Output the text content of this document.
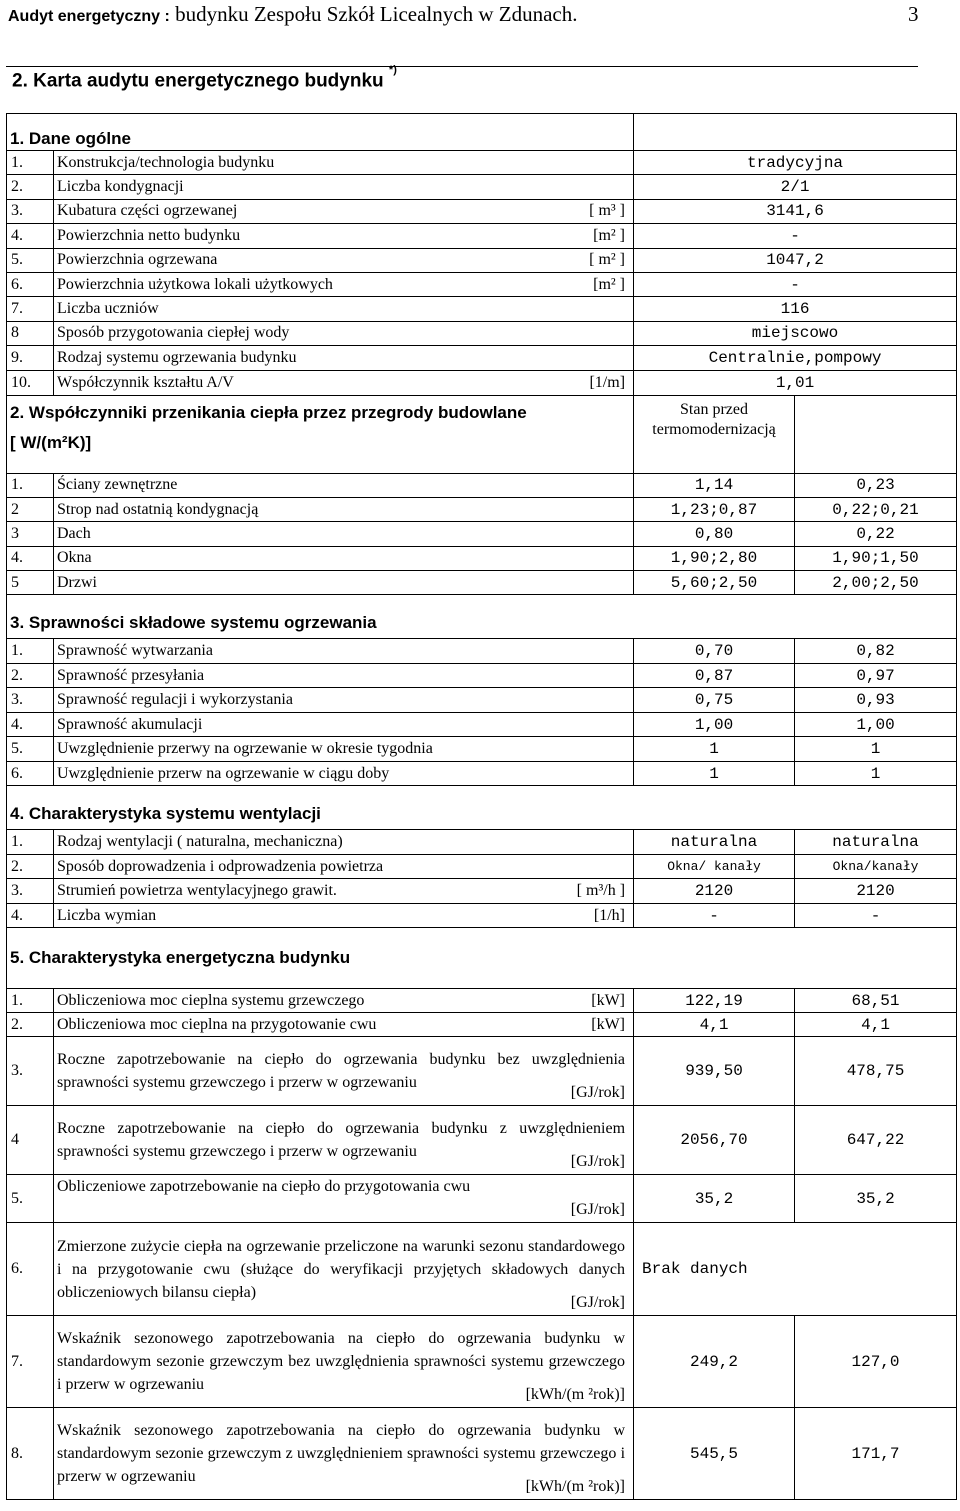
Audyt energetyczny : budynku Zespołu Szkół Licealnych w Zdunach.	3
2. Karta audytu energetycznego budynku *)
1. Dane ogólne			
1.	Konstrukcja/technologia budynku	tradycyjna	
2.	Liczba kondygnacji	2/1	
3.	Kubatura części ogrzewanej [ m³ ]	3141,6	
4.	Powierzchnia netto budynku [m² ]	-	
5.	Powierzchnia ogrzewana [ m² ]	1047,2	
6.	Powierzchnia użytkowa lokali użytkowych [m² ]	-	
7.	Liczba uczniów	116	
8	Sposób przygotowania ciepłej wody	miejscowo	
9.	Rodzaj systemu ogrzewania budynku	Centralnie,pompowy	
10.	Współczynnik kształtu A/V [1/m]	1,01	

2. Współczynniki przenikania ciepła przez przegrody budowlane
[ W/(m²K)]		Stan przed termomodernizacją	
1.	Ściany zewnętrzne	1,14	0,23
2	Strop nad ostatnią kondygnacją	1,23;0,87	0,22;0,21
3	Dach	0,80	0,22
4.	Okna	1,90;2,80	1,90;1,50
5	Drzwi	5,60;2,50	2,00;2,50
3. Sprawności składowe systemu ogrzewania			
1.	Sprawność wytwarzania	0,70	0,82
2.	Sprawność przesyłania	0,87	0,97
3.	Sprawność regulacji i wykorzystania	0,75	0,93
4.	Sprawność akumulacji	1,00	1,00
5.	Uwzględnienie przerwy na ogrzewanie w okresie tygodnia	1	1
6.	Uwzględnienie przerw na ogrzewanie w ciągu doby	1	1
4. Charakterystyka systemu wentylacji			
1.	Rodzaj wentylacji ( naturalna, mechaniczna)	naturalna	naturalna
2.	Sposób doprowadzenia i odprowadzenia powietrza	Okna/ kanały	Okna/kanały
3.	Strumień powietrza wentylacyjnego grawit. [ m³/h ]	2120	2120
4.	Liczba wymian [1/h]	-	-
5. Charakterystyka energetyczna budynku			
1.	Obliczeniowa moc cieplna systemu grzewczego [kW]	122,19	68,51
2.	Obliczeniowa moc cieplna na przygotowanie cwu [kW]	4,1	4,1
3.	Roczne zapotrzebowanie na ciepło do ogrzewania budynku bez uwzględnienia sprawności systemu grzewczego i przerw w ogrzewaniu
[GJ/rok]	939,50	478,75
4	Roczne zapotrzebowanie na ciepło do ogrzewania budynku z uwzględnieniem sprawności systemu grzewczego i przerw w ogrzewaniu
[GJ/rok]	2056,70	647,22
5.	Obliczeniowe zapotrzebowanie na ciepło do przygotowania cwu
[GJ/rok]	35,2	35,2
6.	Zmierzone zużycie ciepła na ogrzewanie przeliczone na warunki sezonu standardowego i na przygotowanie cwu (służące do weryfikacji przyjętych składowych danych obliczeniowych bilansu ciepła)
[GJ/rok]	Brak danych	
7.	Wskaźnik sezonowego zapotrzebowania na ciepło do ogrzewania budynku w standardowym sezonie grzewczym bez uwzględnienia sprawności systemu grzewczego i przerw w ogrzewaniu
[kWh/(m ²rok)]	249,2	127,0
8.	Wskaźnik sezonowego zapotrzebowania na ciepło do ogrzewania budynku w standardowym sezonie grzewczym z uwzględnieniem sprawności systemu grzewczego i przerw w ogrzewaniu
[kWh/(m ²rok)]	545,5	171,7
